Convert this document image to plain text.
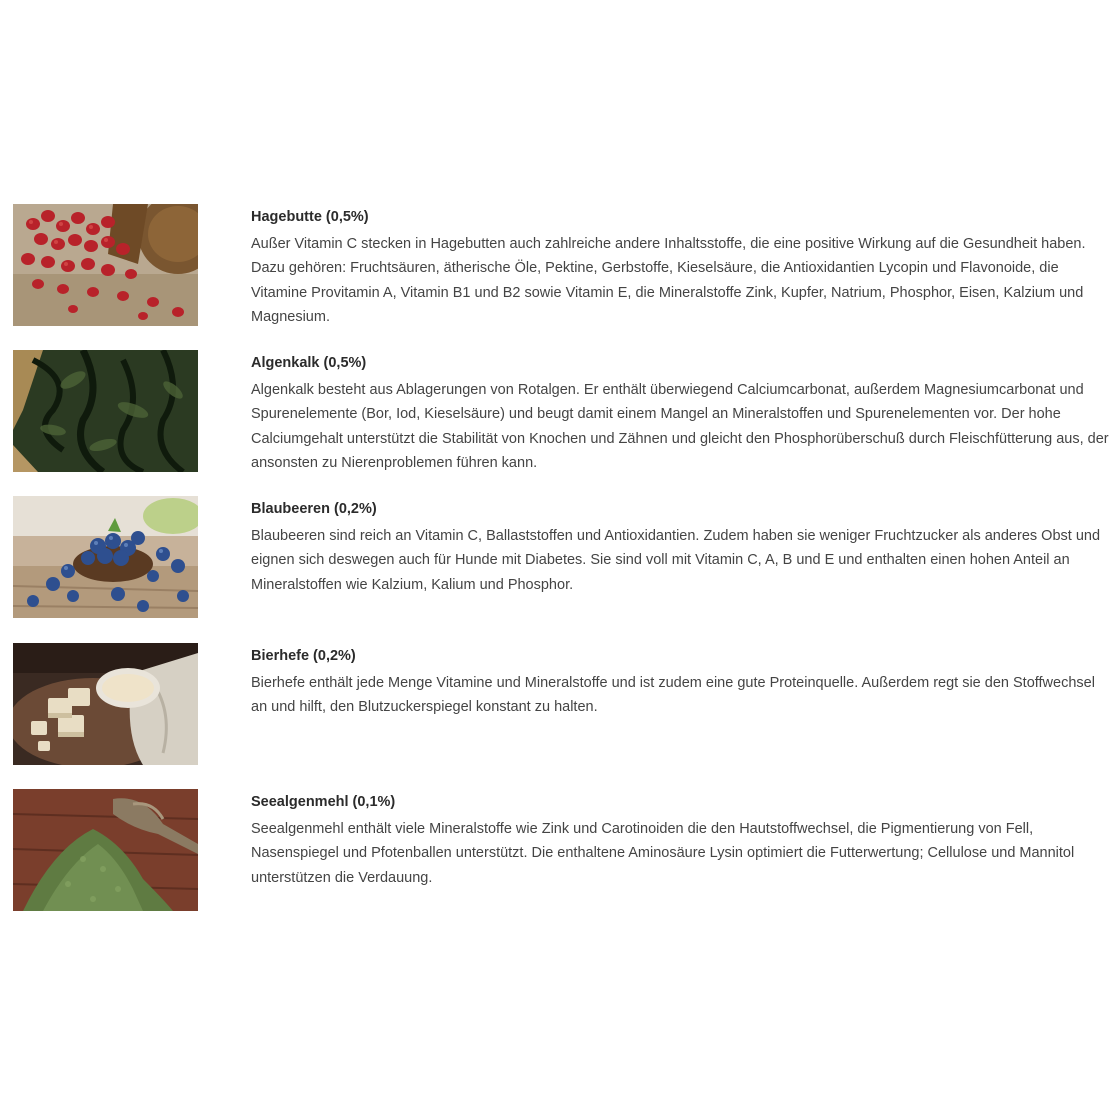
Hagebutte (0,5%)

Außer Vitamin C stecken in Hagebutten auch zahlreiche andere Inhaltsstoffe, die eine positive Wirkung auf die Gesundheit haben. Dazu gehören: Fruchtsäuren, ätherische Öle, Pektine, Gerbstoffe, Kieselsäure, die Antioxidantien Lycopin und Flavonoide, die Vitamine Provitamin A, Vitamin B1 und B2 sowie Vitamin E, die Mineralstoffe Zink, Kupfer, Natrium, Phosphor, Eisen, Kalzium und Magnesium.

Algenkalk (0,5%)

Algenkalk besteht aus Ablagerungen von Rotalgen. Er enthält überwiegend Calciumcarbonat, außerdem Magnesiumcarbonat und Spurenelemente (Bor, Iod, Kieselsäure) und beugt damit einem Mangel an Mineralstoffen und Spurenelementen vor. Der hohe Calciumgehalt unterstützt die Stabilität von Knochen und Zähnen und gleicht den Phosphorüberschuß durch Fleischfütterung aus, der ansonsten zu Nierenproblemen führen kann.

Blaubeeren (0,2%)

Blaubeeren sind reich an Vitamin C, Ballaststoffen und Antioxidantien. Zudem haben sie weniger Fruchtzucker als anderes Obst und eignen sich deswegen auch für Hunde mit Diabetes. Sie sind voll mit Vitamin C, A, B und E und enthalten einen hohen Anteil an Mineralstoffen wie Kalzium, Kalium und Phosphor.

Bierhefe (0,2%)

Bierhefe enthält jede Menge Vitamine und Mineralstoffe und ist zudem eine gute Proteinquelle. Außerdem regt sie den Stoffwechsel an und hilft, den Blutzuckerspiegel konstant zu halten.

Seealgenmehl (0,1%)

Seealgenmehl enthält viele Mineralstoffe wie Zink und Carotinoiden die den Hautstoffwechsel, die Pigmentierung von Fell, Nasenspiegel und Pfotenballen unterstützt. Die enthaltene Aminosäure Lysin optimiert die Futterwertung; Cellulose und Mannitol unterstützen die Verdauung.
